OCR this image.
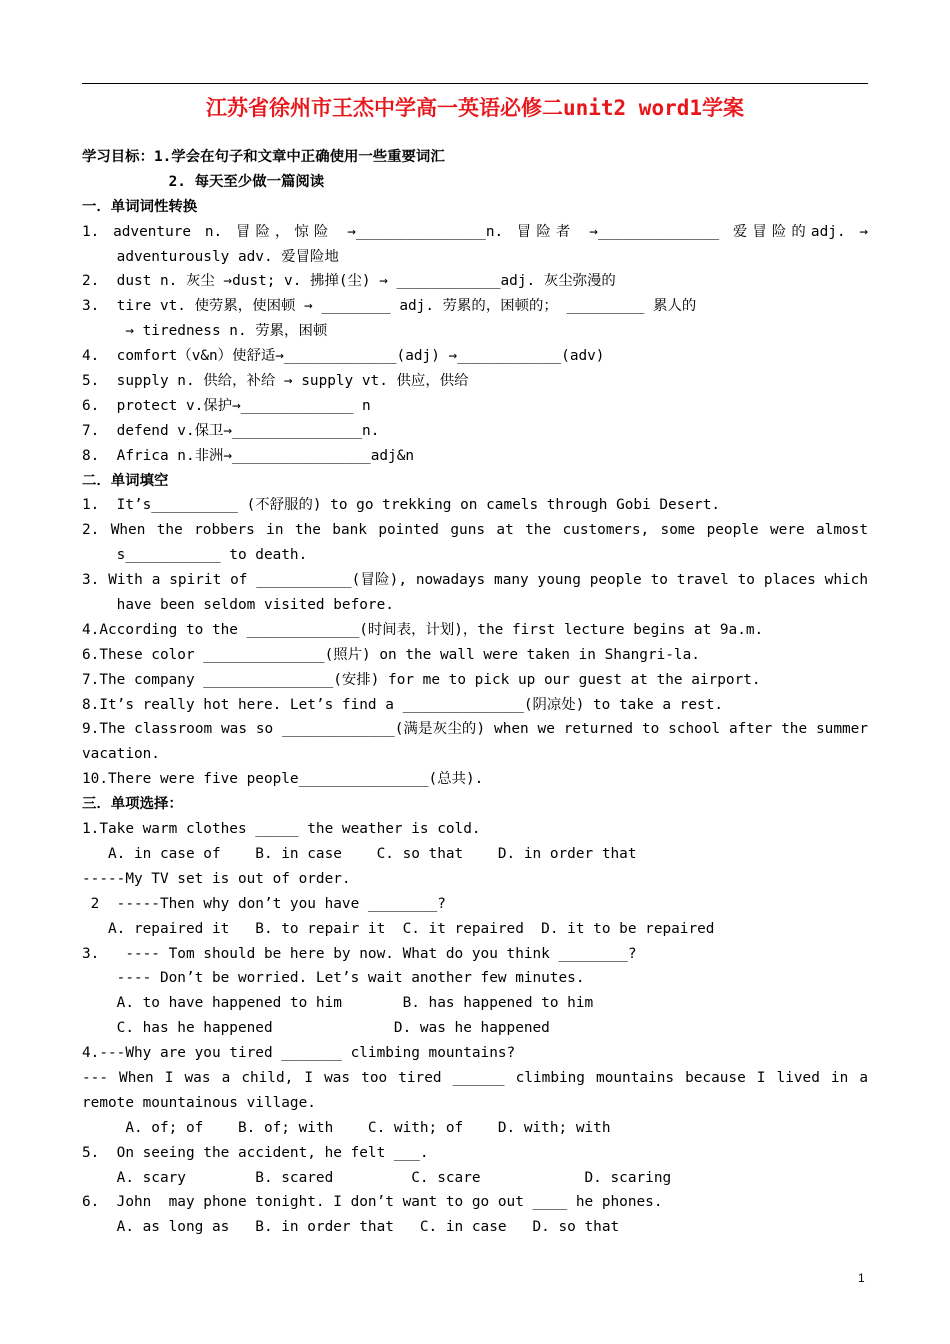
江苏省徐州市王杰中学高一英语必修二unit2 word1学案
学习目标：1.学会在句子和文章中正确使用一些重要词汇
2. 每天至少做一篇阅读
一．单词词性转换
1. adventure n. 冒险，惊险 →_______________n. 冒险者 →______________ 爱冒险的adj. →
adventurously adv. 爱冒险地
2.  dust n. 灰尘 →dust; v. 拂掸(尘) → ____________adj. 灰尘弥漫的
3.  tire vt. 使劳累，使困顿 → ________ adj. 劳累的，困顿的； _________ 累人的
→ tiredness n. 劳累，困顿
4.  comfort（v&n）使舒适→_____________(adj) →____________(adv)
5.  supply n. 供给，补给 → supply vt. 供应，供给
6.  protect v.保护→_____________ n
7.  defend v.保卫→_______________n.
8.  Africa n.非洲→________________adj&n
二．单词填空
1.  It’s__________ (不舒服的) to go trekking on camels through Gobi Desert.
2. When the robbers in the bank pointed guns at the customers, some people were almost
s___________ to death.
3. With a spirit of ___________(冒险), nowadays many young people to travel to places which
have been seldom visited before.
4.According to the _____________(时间表，计划)，the first lecture begins at 9a.m.
6.These color ______________(照片) on the wall were taken in Shangri-la.
7.The company _______________(安排) for me to pick up our guest at the airport.
8.It’s really hot here. Let’s find a ______________(阴凉处) to take a rest.
9.The classroom was so _____________(满是灰尘的) when we returned to school after the summer
vacation.
10.There were five people_______________(总共).
三．单项选择：
1.Take warm clothes _____ the weather is cold.
A. in case of    B. in case    C. so that    D. in order that
-----My TV set is out of order.
2  -----Then why don’t you have ________?
A. repaired it   B. to repair it  C. it repaired  D. it to be repaired
3.   ---- Tom should be here by now. What do you think ________?
---- Don’t be worried. Let’s wait another few minutes.
A. to have happened to him       B. has happened to him
C. has he happened              D. was he happened
4.---Why are you tired _______ climbing mountains?
--- When I was a child, I was too tired ______ climbing mountains because I lived in a
remote mountainous village.
A. of; of    B. of; with    C. with; of    D. with; with
5.  On seeing the accident, he felt ___.
A. scary        B. scared         C. scare            D. scaring
6.  John  may phone tonight. I don’t want to go out ____ he phones.
A. as long as   B. in order that   C. in case   D. so that
1
